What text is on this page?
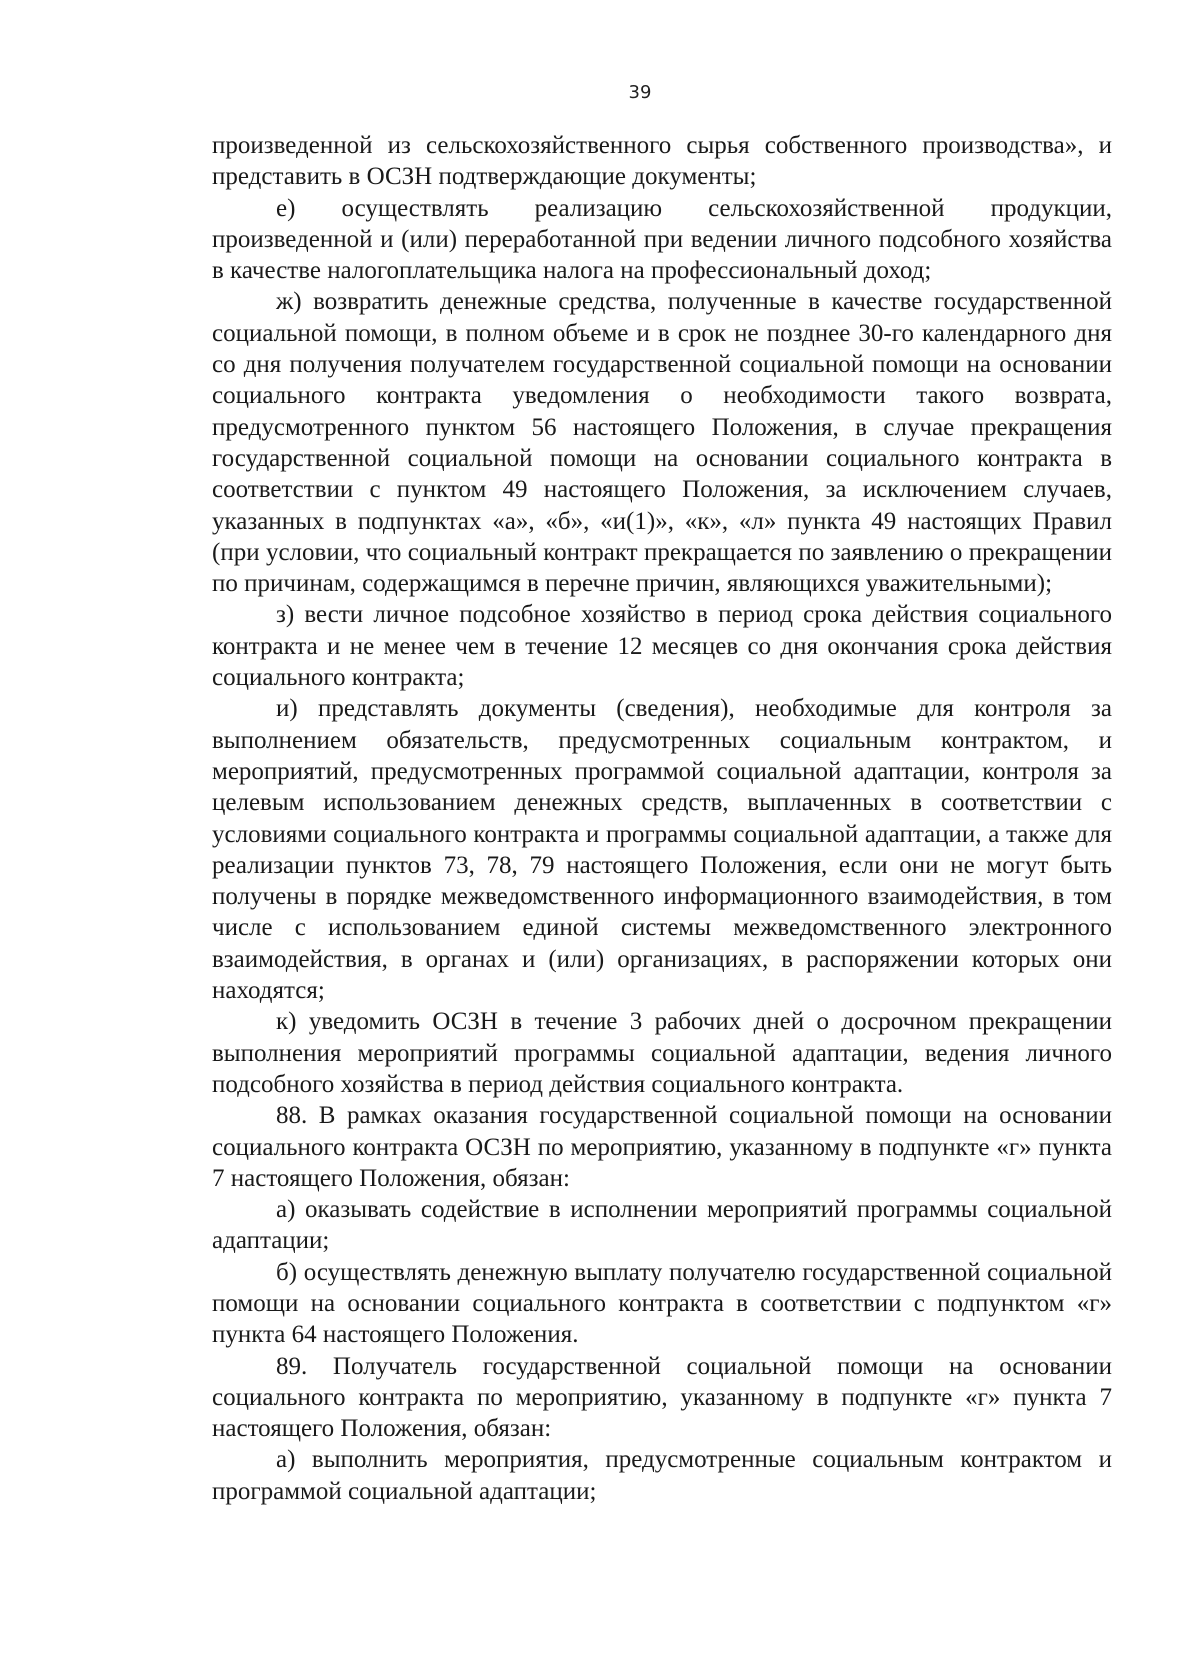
39

произведенной из сельскохозяйственного сырья собственного производства», и представить в ОСЗН подтверждающие документы;

е) осуществлять реализацию сельскохозяйственной продукции, произведенной и (или) переработанной при ведении личного подсобного хозяйства в качестве налогоплательщика налога на профессиональный доход;

ж) возвратить денежные средства, полученные в качестве государственной социальной помощи, в полном объеме и в срок не позднее 30-го календарного дня со дня получения получателем государственной социальной помощи на основании социального контракта уведомления о необходимости такого возврата, предусмотренного пунктом 56 настоящего Положения, в случае прекращения государственной социальной помощи на основании социального контракта в соответствии с пунктом 49 настоящего Положения, за исключением случаев, указанных в подпунктах «а», «б», «и(1)», «к», «л» пункта 49 настоящих Правил (при условии, что социальный контракт прекращается по заявлению о прекращении по причинам, содержащимся в перечне причин, являющихся уважительными);

з) вести личное подсобное хозяйство в период срока действия социального контракта и не менее чем в течение 12 месяцев со дня окончания срока действия социального контракта;

и) представлять документы (сведения), необходимые для контроля за выполнением обязательств, предусмотренных социальным контрактом, и мероприятий, предусмотренных программой социальной адаптации, контроля за целевым использованием денежных средств, выплаченных в соответствии с условиями социального контракта и программы социальной адаптации, а также для реализации пунктов 73, 78, 79 настоящего Положения, если они не могут быть получены в порядке межведомственного информационного взаимодействия, в том числе с использованием единой системы межведомственного электронного взаимодействия, в органах и (или) организациях, в распоряжении которых они находятся;

к) уведомить ОСЗН в течение 3 рабочих дней о досрочном прекращении выполнения мероприятий программы социальной адаптации, ведения личного подсобного хозяйства в период действия социального контракта.

88. В рамках оказания государственной социальной помощи на основании социального контракта ОСЗН по мероприятию, указанному в подпункте «г» пункта 7 настоящего Положения, обязан:

а) оказывать содействие в исполнении мероприятий программы социальной адаптации;

б) осуществлять денежную выплату получателю государственной социальной помощи на основании социального контракта в соответствии с подпунктом «г» пункта 64 настоящего Положения.

89. Получатель государственной социальной помощи на основании социального контракта по мероприятию, указанному в подпункте «г» пункта 7 настоящего Положения, обязан:

а) выполнить мероприятия, предусмотренные социальным контрактом и программой социальной адаптации;
